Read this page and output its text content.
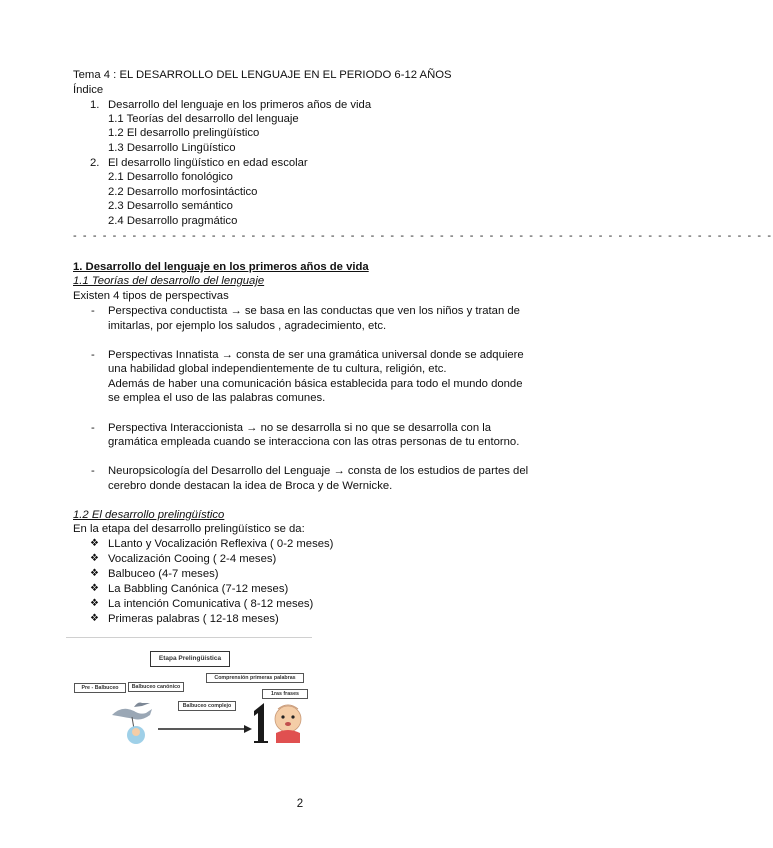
Tema 4 : EL DESARROLLO DEL LENGUAJE EN EL PERIODO 6-12 AÑOS
Índice
1. Desarrollo del lenguaje en los primeros años de vida
1.1 Teorías del desarrollo del lenguaje
1.2 El desarrollo prelingüístico
1.3 Desarrollo Lingüístico
2. El desarrollo lingüístico en edad escolar
2.1 Desarrollo fonológico
2.2 Desarrollo morfosintáctico
2.3 Desarrollo semántico
2.4 Desarrollo pragmático
- - - - - - - - - - - - - - - - - - - - - - - - - - - - - - - - - - - - - - - - - - - - - - - - - - - - - - - - - - - - - - - - - - - - - - -
1. Desarrollo del lenguaje en los primeros años de vida
1.1 Teorías del desarrollo del lenguaje
Existen 4 tipos de perspectivas
- Perspectiva conductista → se basa en las conductas que ven los niños y tratan de
imitarlas, por ejemplo los saludos , agradecimiento, etc.
- Perspectivas Innatista → consta de ser una gramática universal donde se adquiere
una habilidad global independientemente de tu cultura, religión, etc.
Además de haber una comunicación básica establecida para todo el mundo donde
se emplea el uso de las palabras comunes.
- Perspectiva Interaccionista → no se desarrolla si no que se desarrolla con la
gramática empleada cuando se interacciona con las otras personas de tu entorno.
- Neuropsicología del Desarrollo del Lenguaje → consta de los estudios de partes del
cerebro donde destacan la idea de Broca y de Wernicke.
1.2 El desarrollo prelingüístico
En la etapa del desarrollo prelingüístico se da:
❖ LLanto y Vocalización Reflexiva ( 0-2 meses)
❖ Vocalización Cooing ( 2-4 meses)
❖ Balbuceo (4-7 meses)
❖ La Babbling Canónica (7-12 meses)
❖ La intención Comunicativa ( 8-12 meses)
❖ Primeras palabras ( 12-18 meses)
Etapa Prelingüística
Pre - Balbuceo	Balbuceo canónico
Comprensión primeras palabras
Balbuceo complejo
1ras frases
2
